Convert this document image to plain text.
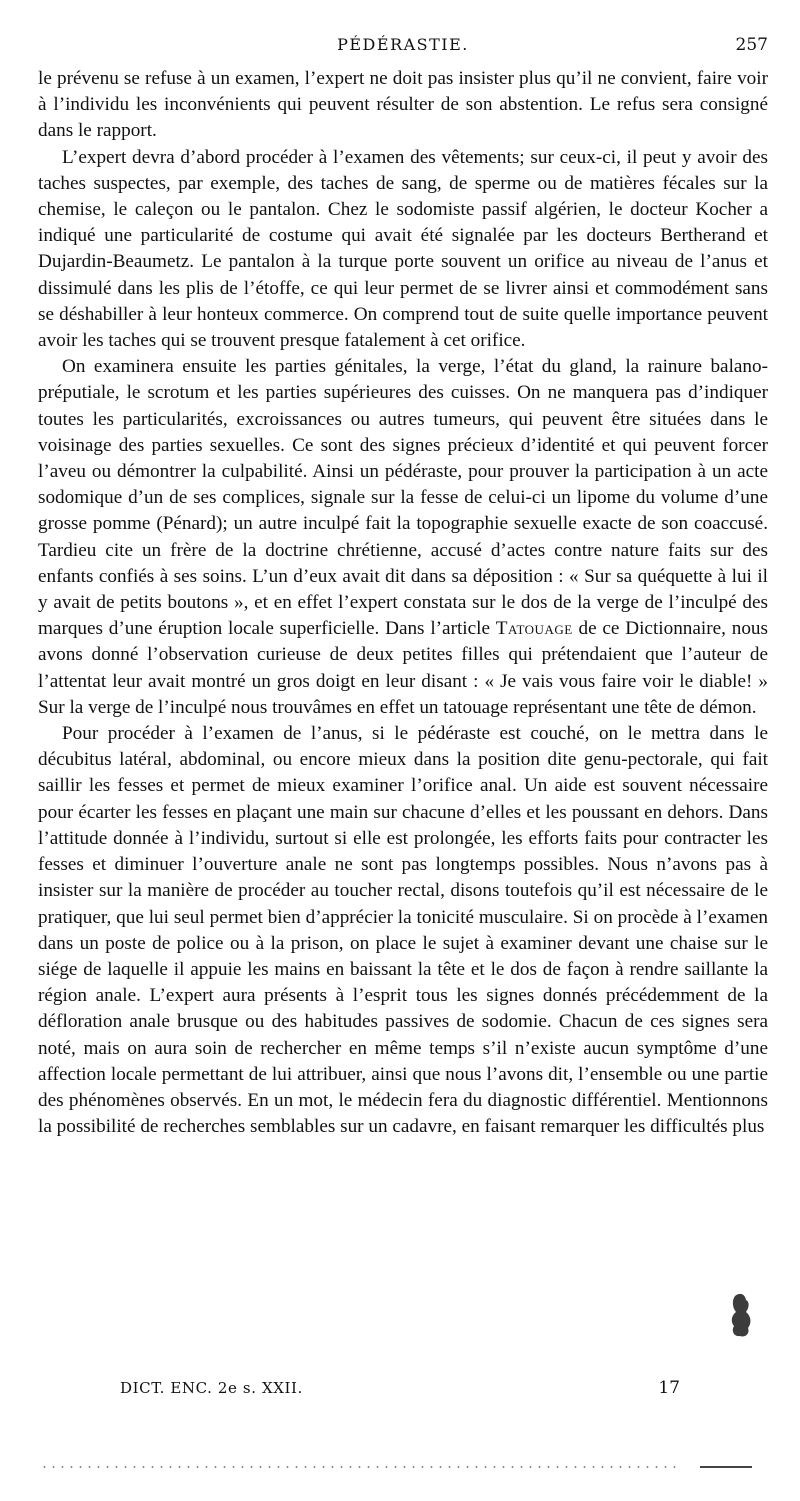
PÉDÉRASTIE.	257

le prévenu se refuse à un examen, l’expert ne doit pas insister plus qu’il ne convient, faire voir à l’individu les inconvénients qui peuvent résulter de son abstention. Le refus sera consigné dans le rapport.

L’expert devra d’abord procéder à l’examen des vêtements; sur ceux-ci, il peut y avoir des taches suspectes, par exemple, des taches de sang, de sperme ou de matières fécales sur la chemise, le caleçon ou le pantalon. Chez le sodomiste passif algérien, le docteur Kocher a indiqué une particularité de costume qui avait été signalée par les docteurs Bertherand et Dujardin-Beaumetz. Le pantalon à la turque porte souvent un orifice au niveau de l’anus et dissimulé dans les plis de l’étoffe, ce qui leur permet de se livrer ainsi et commodément sans se déshabiller à leur honteux commerce. On comprend tout de suite quelle importance peuvent avoir les taches qui se trouvent presque fatalement à cet orifice.

On examinera ensuite les parties génitales, la verge, l’état du gland, la rainure balano-préputiale, le scrotum et les parties supérieures des cuisses. On ne manquera pas d’indiquer toutes les particularités, excroissances ou autres tumeurs, qui peuvent être situées dans le voisinage des parties sexuelles. Ce sont des signes précieux d’identité et qui peuvent forcer l’aveu ou démontrer la culpabilité. Ainsi un pédéraste, pour prouver la participation à un acte sodomique d’un de ses complices, signale sur la fesse de celui-ci un lipome du volume d’une grosse pomme (Pénard); un autre inculpé fait la topographie sexuelle exacte de son coaccusé. Tardieu cite un frère de la doctrine chrétienne, accusé d’actes contre nature faits sur des enfants confiés à ses soins. L’un d’eux avait dit dans sa déposition : « Sur sa quéquette à lui il y avait de petits boutons », et en effet l’expert constata sur le dos de la verge de l’inculpé des marques d’une éruption locale superficielle. Dans l’article Tatouage de ce Dictionnaire, nous avons donné l’observation curieuse de deux petites filles qui prétendaient que l’auteur de l’attentat leur avait montré un gros doigt en leur disant : « Je vais vous faire voir le diable! » Sur la verge de l’inculpé nous trouvâmes en effet un tatouage représentant une tête de démon.

Pour procéder à l’examen de l’anus, si le pédéraste est couché, on le mettra dans le décubitus latéral, abdominal, ou encore mieux dans la position dite genu-pectorale, qui fait saillir les fesses et permet de mieux examiner l’orifice anal. Un aide est souvent nécessaire pour écarter les fesses en plaçant une main sur chacune d’elles et les poussant en dehors. Dans l’attitude donnée à l’individu, surtout si elle est prolongée, les efforts faits pour contracter les fesses et diminuer l’ouverture anale ne sont pas longtemps possibles. Nous n’avons pas à insister sur la manière de procéder au toucher rectal, disons toutefois qu’il est nécessaire de le pratiquer, que lui seul permet bien d’apprécier la tonicité musculaire. Si on procède à l’examen dans un poste de police ou à la prison, on place le sujet à examiner devant une chaise sur le siége de laquelle il appuie les mains en baissant la tête et le dos de façon à rendre saillante la région anale. L’expert aura présents à l’esprit tous les signes donnés précédemment de la défloration anale brusque ou des habitudes passives de sodomie. Chacun de ces signes sera noté, mais on aura soin de rechercher en même temps s’il n’existe aucun symptôme d’une affection locale permettant de lui attribuer, ainsi que nous l’avons dit, l’ensemble ou une partie des phénomènes observés. En un mot, le médecin fera du diagnostic différentiel. Mentionnons la possibilité de recherches semblables sur un cadavre, en faisant remarquer les difficultés plus

DICT. ENC. 2e s. XXII.	17
